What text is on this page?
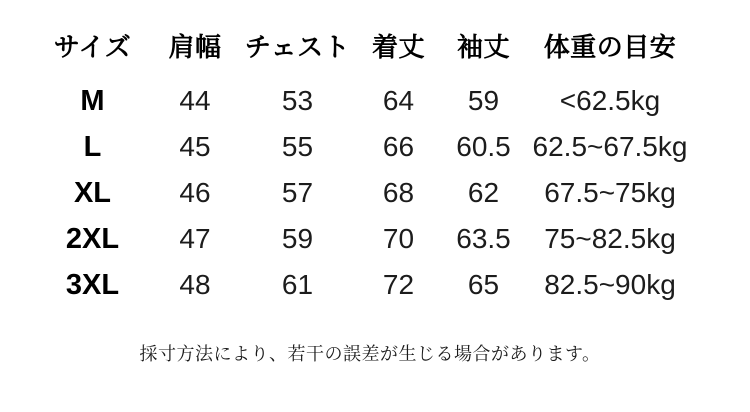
サイズ	肩幅 チェスト 着丈	袖丈	体重の目安
M	44	53	64	59	<62.5kg
L	45	55	66	60.5 62.5~67.5kg
XL	46	57	68	62	67.5~75kg
2XL	47	59	70	63.5	75~82.5kg
3XL	48	61	72	65	82.5~90kg
採寸方法により、若干の誤差が生じる場合があります。
